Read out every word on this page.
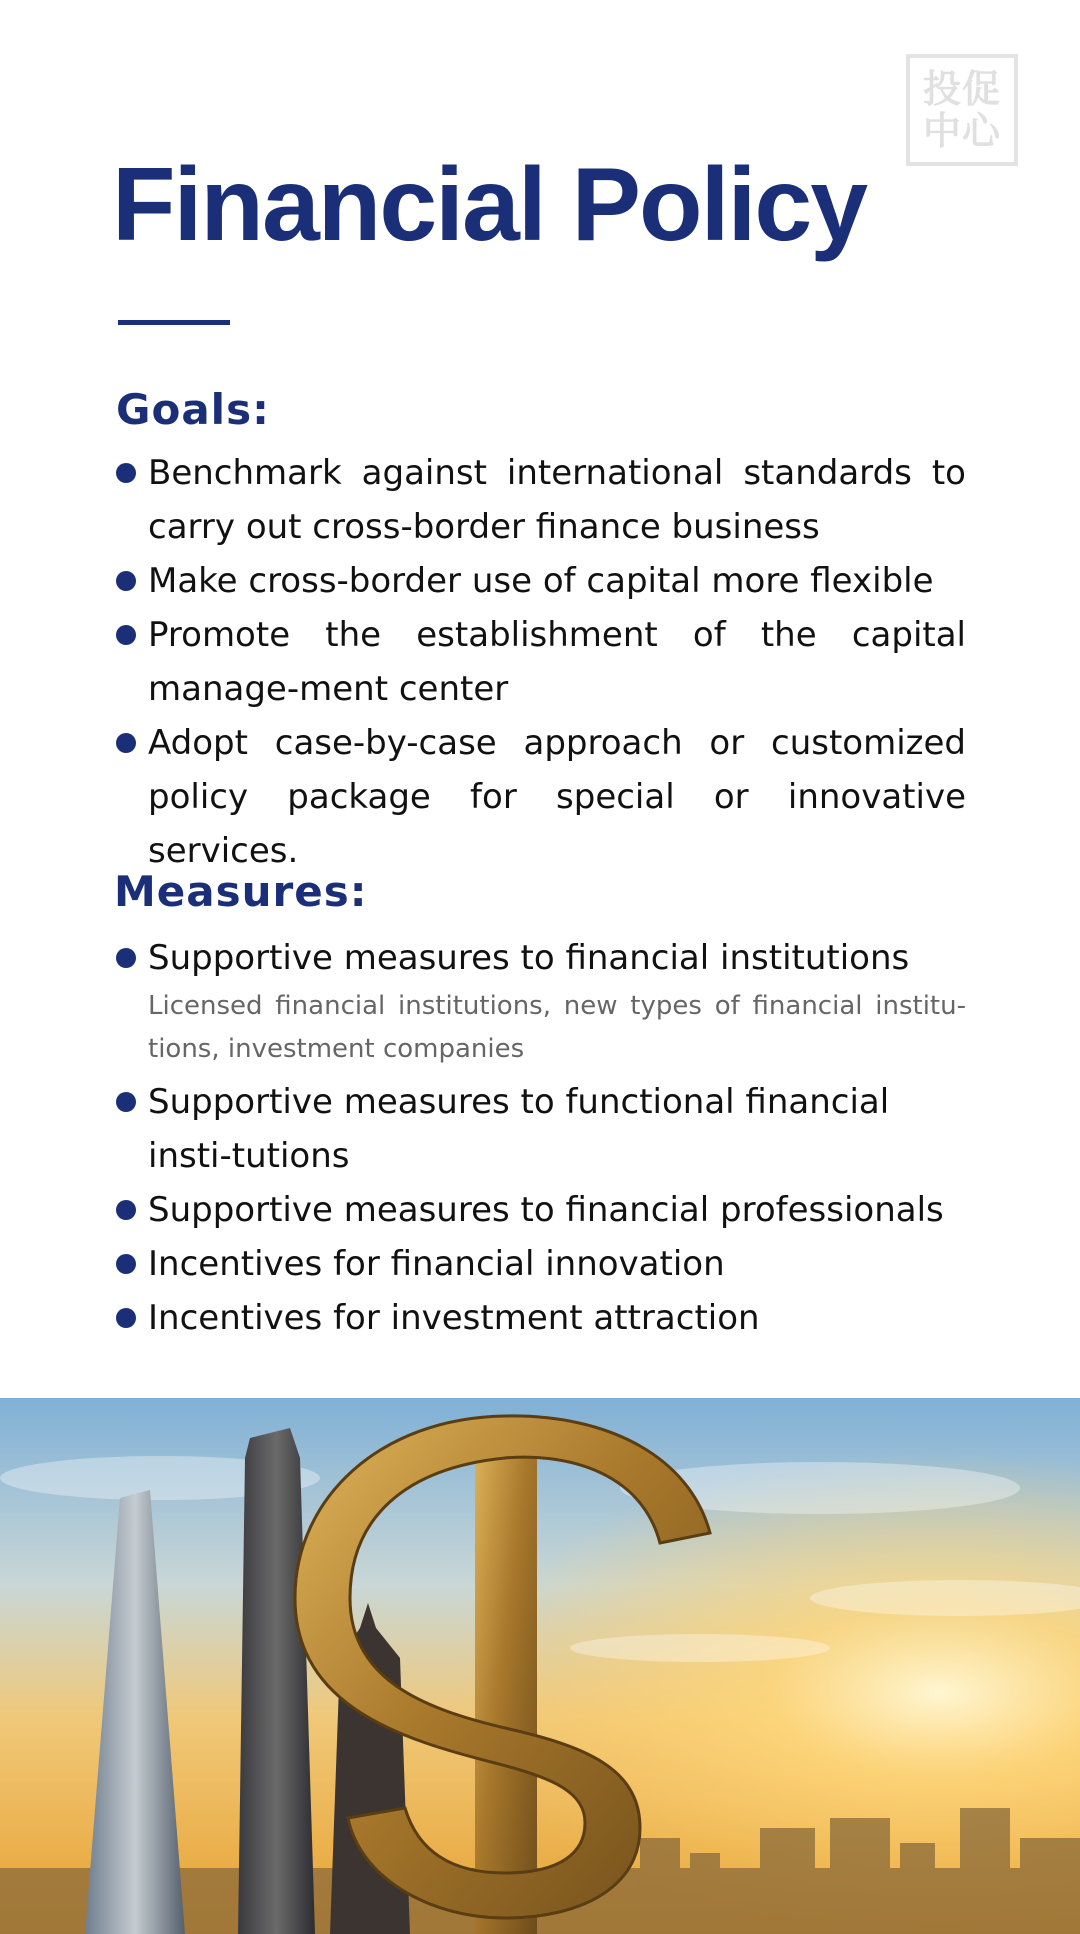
投促
中心
Financial Policy
Goals:
Benchmark against international standards to carry out cross-border finance business
Make cross-border use of capital more flexible
Promote the establishment of the capital manage-ment center
Adopt case-by-case approach or customized policy package for special or innovative services.
Measures:
Supportive measures to financial institutions
Licensed financial institutions, new types of financial institu-tions, investment companies
Supportive measures to functional financial insti-tutions
Supportive measures to financial professionals
Incentives for financial innovation
Incentives for investment attraction
